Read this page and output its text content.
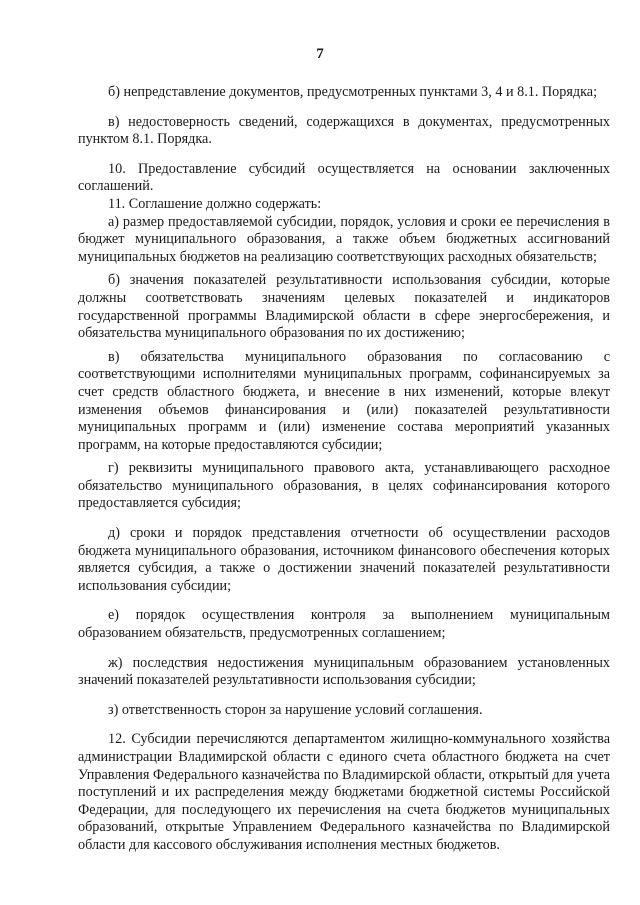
7

б) непредставление документов, предусмотренных пунктами 3, 4 и 8.1. Порядка;

в) недостоверность сведений, содержащихся в документах, предусмотренных пунктом 8.1. Порядка.

10. Предоставление субсидий осуществляется на основании заключенных соглашений.

11. Соглашение должно содержать:

а) размер предоставляемой субсидии, порядок, условия и сроки ее перечисления в бюджет муниципального образования, а также объем бюджетных ассигнований муниципальных бюджетов на реализацию соответствующих расходных обязательств;

б) значения показателей результативности использования субсидии, которые должны соответствовать значениям целевых показателей и индикаторов государственной программы Владимирской области в сфере энергосбережения, и обязательства муниципального образования по их достижению;

в) обязательства муниципального образования по согласованию с соответствующими исполнителями муниципальных программ, софинансируемых за счет средств областного бюджета, и внесение в них изменений, которые влекут изменения объемов финансирования и (или) показателей результативности муниципальных программ и (или) изменение состава мероприятий указанных программ, на которые предоставляются субсидии;

г) реквизиты муниципального правового акта, устанавливающего расходное обязательство муниципального образования, в целях софинансирования которого предоставляется субсидия;

д) сроки и порядок представления отчетности об осуществлении расходов бюджета муниципального образования, источником финансового обеспечения которых является субсидия, а также о достижении значений показателей результативности использования субсидии;

е) порядок осуществления контроля за выполнением муниципальным образованием обязательств, предусмотренных соглашением;

ж) последствия недостижения муниципальным образованием установленных значений показателей результативности использования субсидии;

з) ответственность сторон за нарушение условий соглашения.

12. Субсидии перечисляются департаментом жилищно-коммунального хозяйства администрации Владимирской области с единого счета областного бюджета на счет Управления Федерального казначейства по Владимирской области, открытый для учета поступлений и их распределения между бюджетами бюджетной системы Российской Федерации, для последующего их перечисления на счета бюджетов муниципальных образований, открытые Управлением Федерального казначейства по Владимирской области для кассового обслуживания исполнения местных бюджетов.
